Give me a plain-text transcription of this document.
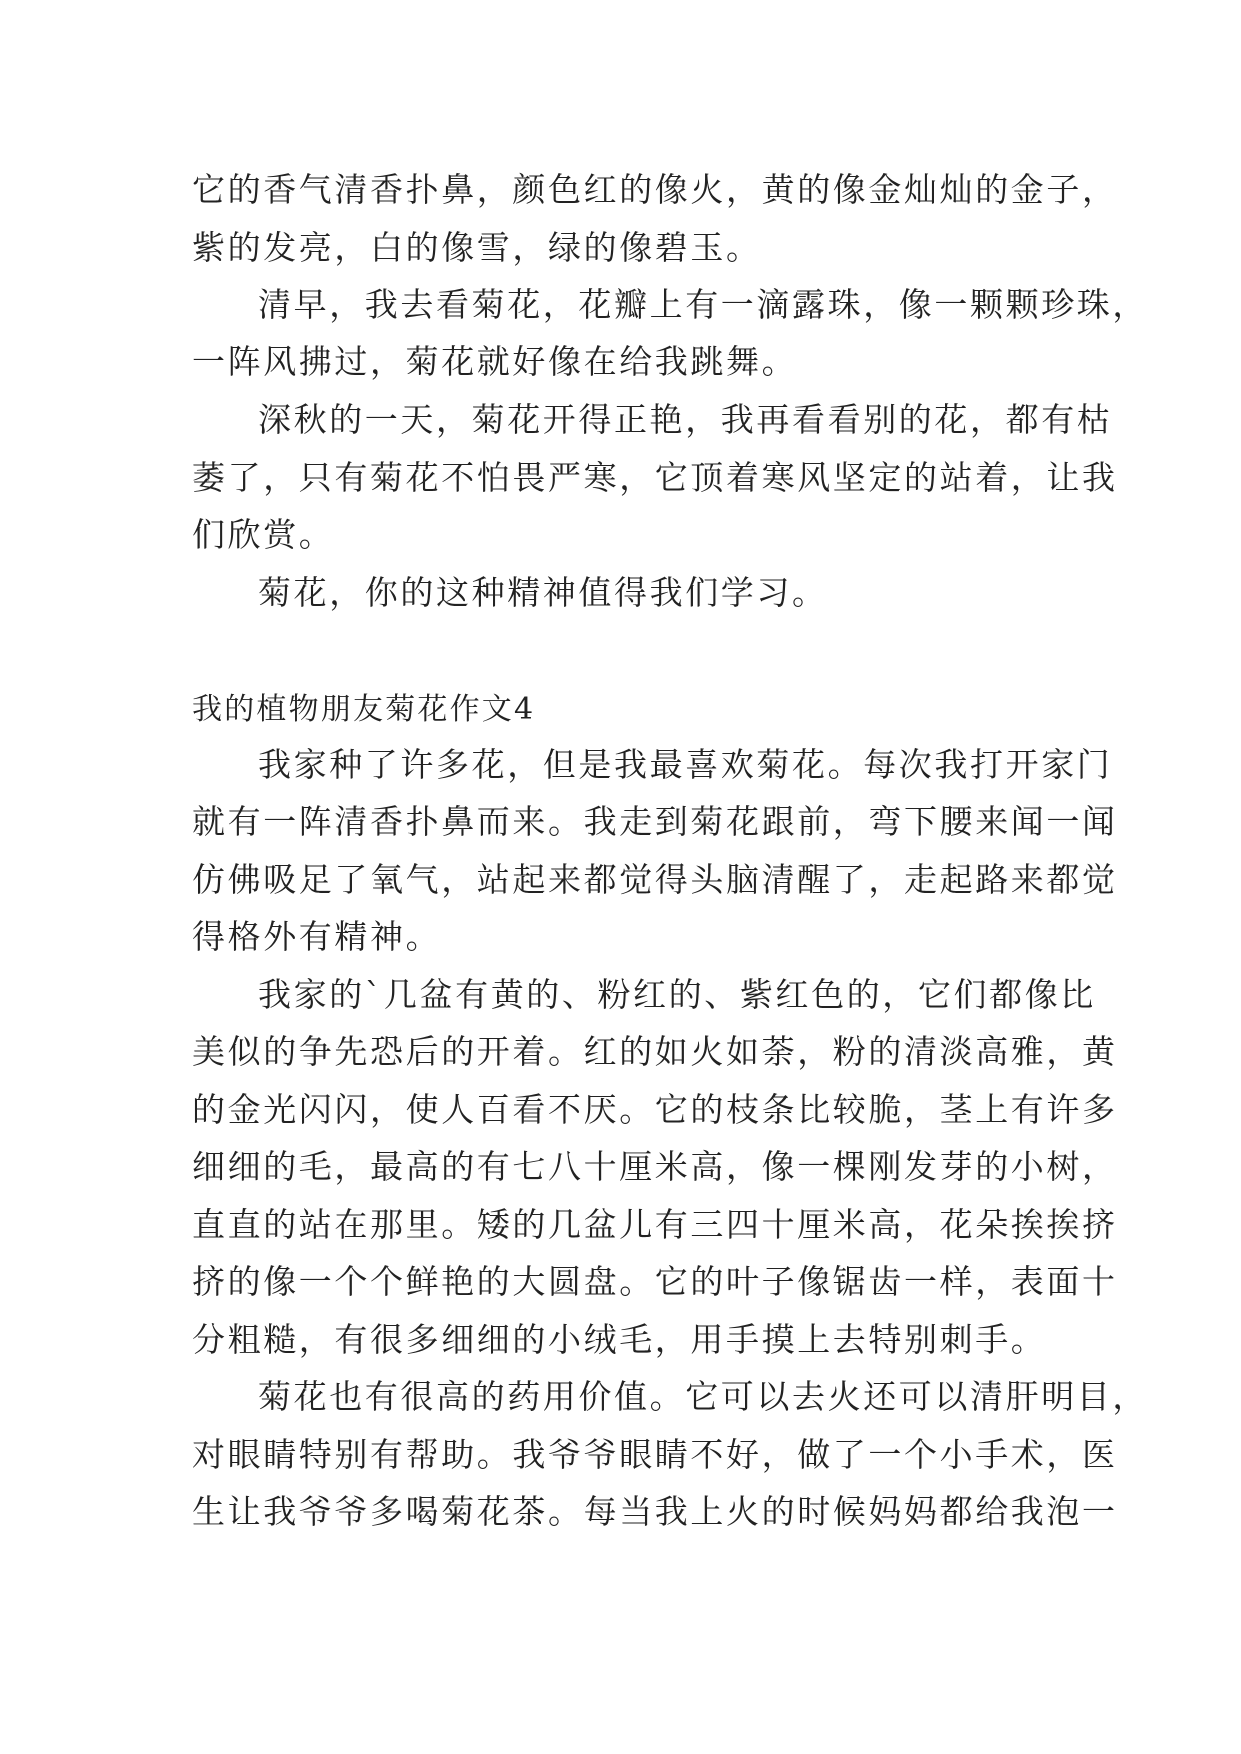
它的香气清香扑鼻，颜色红的像火，黄的像金灿灿的金子，

紫的发亮，白的像雪，绿的像碧玉。

清早，我去看菊花，花瓣上有一滴露珠，像一颗颗珍珠，

一阵风拂过，菊花就好像在给我跳舞。

深秋的一天，菊花开得正艳，我再看看别的花，都有枯

萎了，只有菊花不怕畏严寒，它顶着寒风坚定的站着，让我

们欣赏。

菊花，你的这种精神值得我们学习。

我的植物朋友菊花作文4

我家种了许多花，但是我最喜欢菊花。每次我打开家门

就有一阵清香扑鼻而来。我走到菊花跟前，弯下腰来闻一闻

仿佛吸足了氧气，站起来都觉得头脑清醒了，走起路来都觉

得格外有精神。

我家的`几盆有黄的、粉红的、紫红色的，它们都像比

美似的争先恐后的开着。红的如火如荼，粉的清淡高雅，黄

的金光闪闪，使人百看不厌。它的枝条比较脆，茎上有许多

细细的毛，最高的有七八十厘米高，像一棵刚发芽的小树，

直直的站在那里。矮的几盆儿有三四十厘米高，花朵挨挨挤

挤的像一个个鲜艳的大圆盘。它的叶子像锯齿一样，表面十

分粗糙，有很多细细的小绒毛，用手摸上去特别刺手。

菊花也有很高的药用价值。它可以去火还可以清肝明目，

对眼睛特别有帮助。我爷爷眼睛不好，做了一个小手术，医

生让我爷爷多喝菊花茶。每当我上火的时候妈妈都给我泡一
